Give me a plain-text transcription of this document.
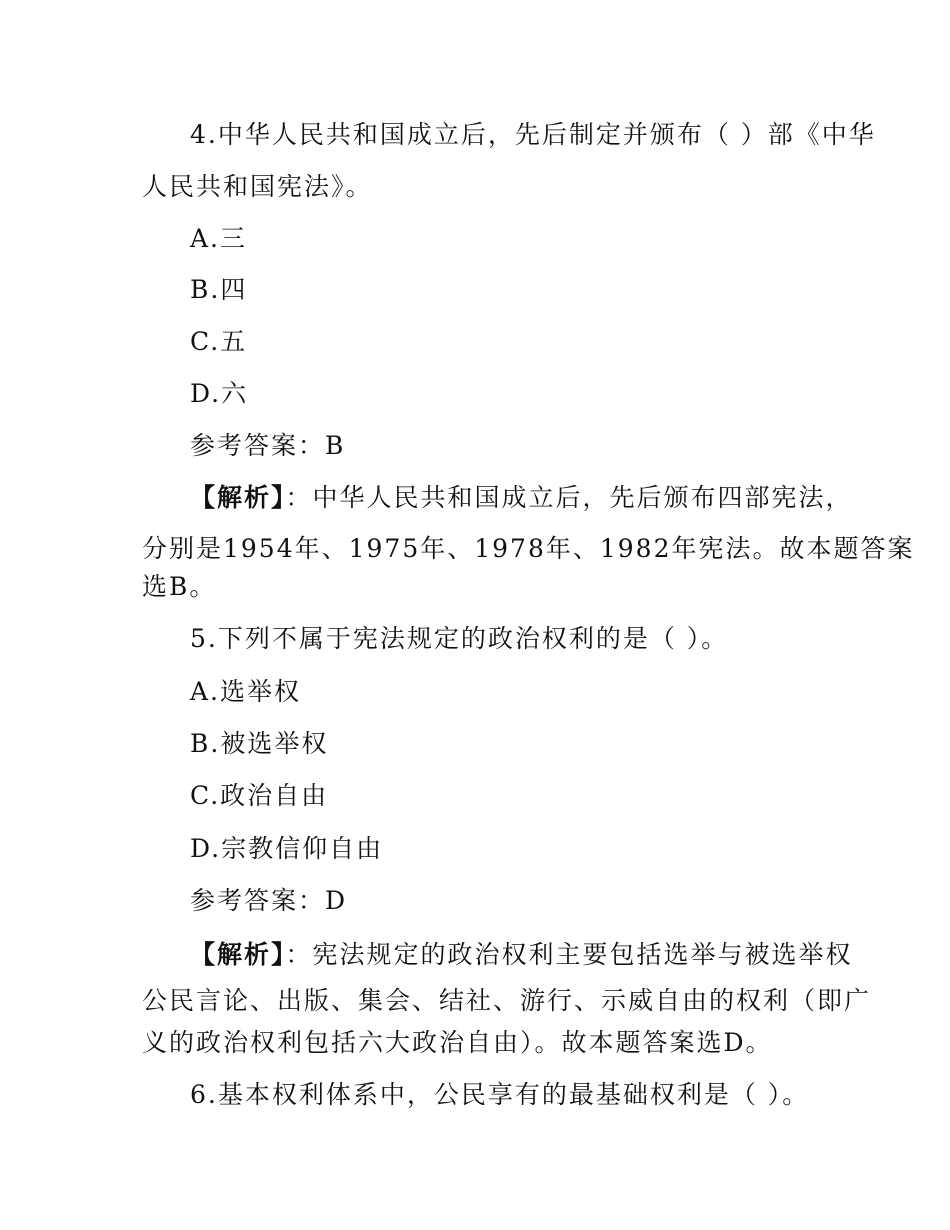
4.中华人民共和国成立后，先后制定并颁布（ ）部《中华
人民共和国宪法》。
A.三
B.四
C.五
D.六
参考答案：B
【解析】：中华人民共和国成立后，先后颁布四部宪法，
分别是1954年、1975年、1978年、1982年宪法。故本题答案
选B。
5.下列不属于宪法规定的政治权利的是（ ）。
A.选举权
B.被选举权
C.政治自由
D.宗教信仰自由
参考答案：D
【解析】：宪法规定的政治权利主要包括选举与被选举权
公民言论、出版、集会、结社、游行、示威自由的权利（即广
义的政治权利包括六大政治自由）。故本题答案选D。
6.基本权利体系中，公民享有的最基础权利是（ ）。
